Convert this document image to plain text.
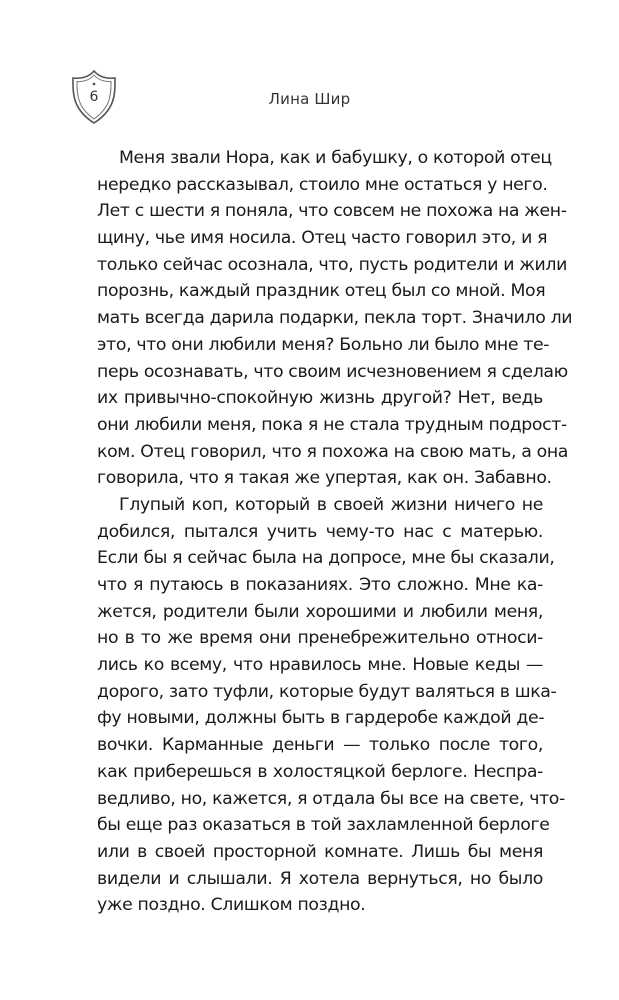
6	Лина Шир
Меня звали Нора, как и бабушку, о которой отец
нередко рассказывал, стоило мне остаться у него.
Лет с шести я поняла, что совсем не похожа на жен-
щину, чье имя носила. Отец часто говорил это, и я
только сейчас осознала, что, пусть родители и жили
порознь, каждый праздник отец был со мной. Моя
мать всегда дарила подарки, пекла торт. Значило ли
это, что они любили меня? Больно ли было мне те-
перь осознавать, что своим исчезновением я сделаю
их привычно-спокойную жизнь другой? Нет, ведь
они любили меня, пока я не стала трудным подрост-
ком. Отец говорил, что я похожа на свою мать, а она
говорила, что я такая же упертая, как он. Забавно.
Глупый коп, который в своей жизни ничего не
добился, пытался учить чему-то нас с матерью.
Если бы я сейчас была на допросе, мне бы сказали,
что я путаюсь в показаниях. Это сложно. Мне ка-
жется, родители были хорошими и любили меня,
но в то же время они пренебрежительно относи-
лись ко всему, что нравилось мне. Новые кеды —
дорого, зато туфли, которые будут валяться в шка-
фу новыми, должны быть в гардеробе каждой де-
вочки. Карманные деньги — только после того,
как приберешься в холостяцкой берлоге. Неспра-
ведливо, но, кажется, я отдала бы все на свете, что-
бы еще раз оказаться в той захламленной берлоге
или в своей просторной комнате. Лишь бы меня
видели и слышали. Я хотела вернуться, но было
уже поздно. Слишком поздно.
